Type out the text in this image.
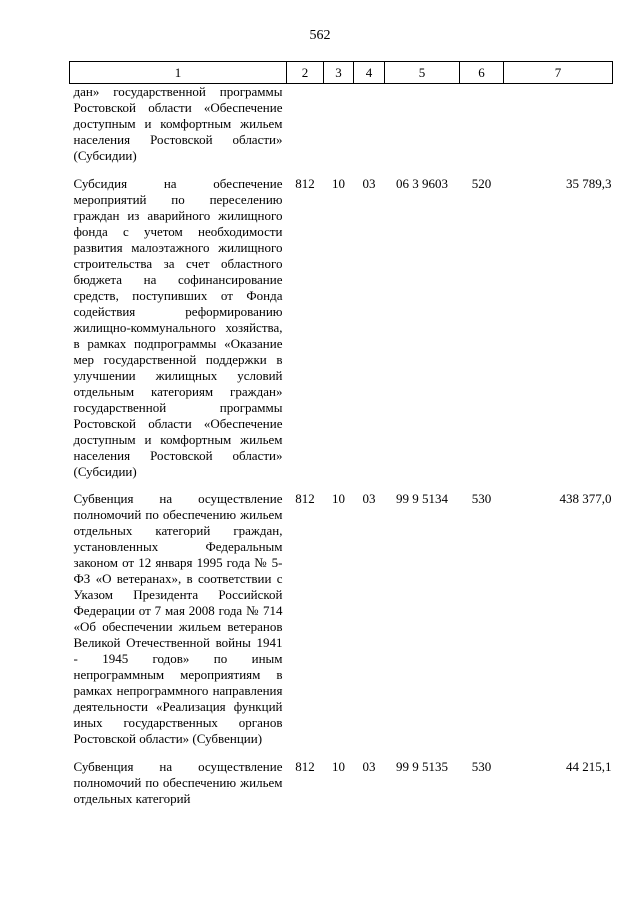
562
1	2	3	4	5	6	7
дан» государственной программы Ростовской области «Обеспечение доступным и комфортным жильем населения Ростовской области» (Субсидии)						
Субсидия на обеспечение мероприятий по переселению граждан из аварийного жилищного фонда с учетом необходимости развития малоэтажного жилищного строительства за счет областного бюджета на софинансирование средств, поступивших от Фонда содействия реформированию жилищно-коммунального хозяйства, в рамках подпрограммы «Оказание мер государственной поддержки в улучшении жилищных условий отдельным категориям граждан» государственной программы Ростовской области «Обеспечение доступным и комфортным жильем населения Ростовской области» (Субсидии)	812	10	03	06 3 9603	520	35 789,3
Субвенция на осуществление полномочий по обеспечению жильем отдельных категорий граждан, установленных Федеральным законом от 12 января 1995 года № 5-ФЗ «О ветеранах», в соответствии с Указом Президента Российской Федерации от 7 мая 2008 года № 714 «Об обеспечении жильем ветеранов Великой Отечественной войны 1941 - 1945 годов» по иным непрограммным мероприятиям в рамках непрограммного направления деятельности «Реализация функций иных государственных органов Ростовской области» (Субвенции)	812	10	03	99 9 5134	530	438 377,0
Субвенция на осуществление полномочий по обеспечению жильем отдельных категорий	812	10	03	99 9 5135	530	44 215,1
